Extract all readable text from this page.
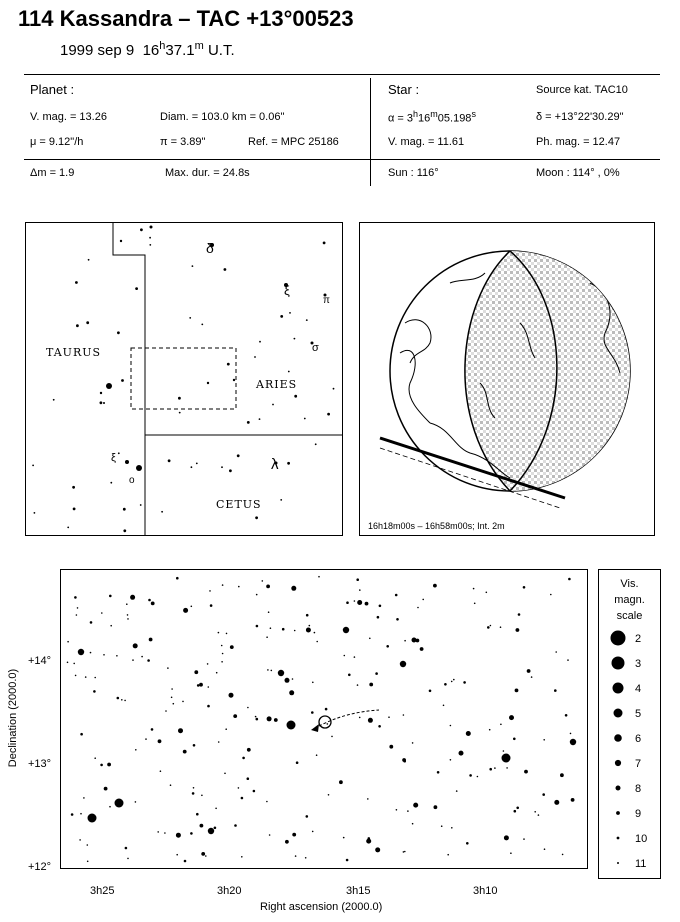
114 Kassandra – TAC +13°00523
1999 sep 9 16$^h$37.1$^m$ U.T.
Planet :
V. mag. = 13.26	Diam. = 103.0 km = 0.06"
μ = 9.12"/h	π = 3.89"	Ref. = MPC 25186
Δm = 1.9	Max. dur. = 24.8s
Star :	Source kat. TAC10
$\alpha = 3^h16^m05.198^s$	δ = +13°22'30.29"
V. mag. = 11.61	Ph. mag. = 12.47
Sun : 116°	Moon : 114° , 0%
TAURUS
ARIES
CETUS
δ
ξ
π
σ
λ
ξ
o
16h18m00s – 16h58m00s; Int. 2m
+14°
+13°
+12°
3h25	3h20	3h15	3h10
Right ascension (2000.0)
Declination (2000.0)
Vis.
magn.
scale
2
3
4
5
6
7
8
9
10
11
